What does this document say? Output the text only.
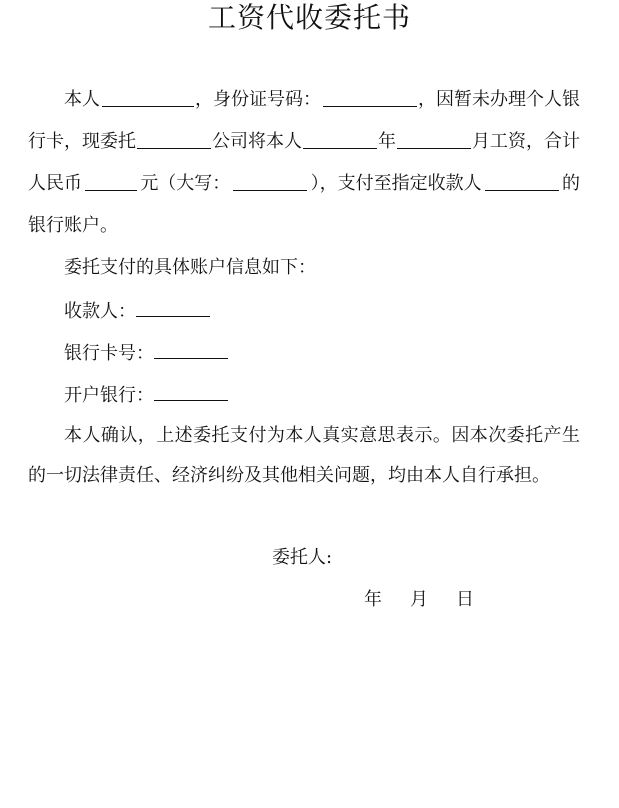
工资代收委托书
本人	，身份证号码：	，因暂未办理个人银
行卡，现委托	公司将本人	年	月工资，合计
人民币	元（大写：	），支付至指定收款人	的
银行账户。
委托支付的具体账户信息如下：
收款人：
银行卡号：
开户银行：
本人确认，上述委托支付为本人真实意思表示。因本次委托产生
的一切法律责任、经济纠纷及其他相关问题，均由本人自行承担。
委托人:
年 月 日
